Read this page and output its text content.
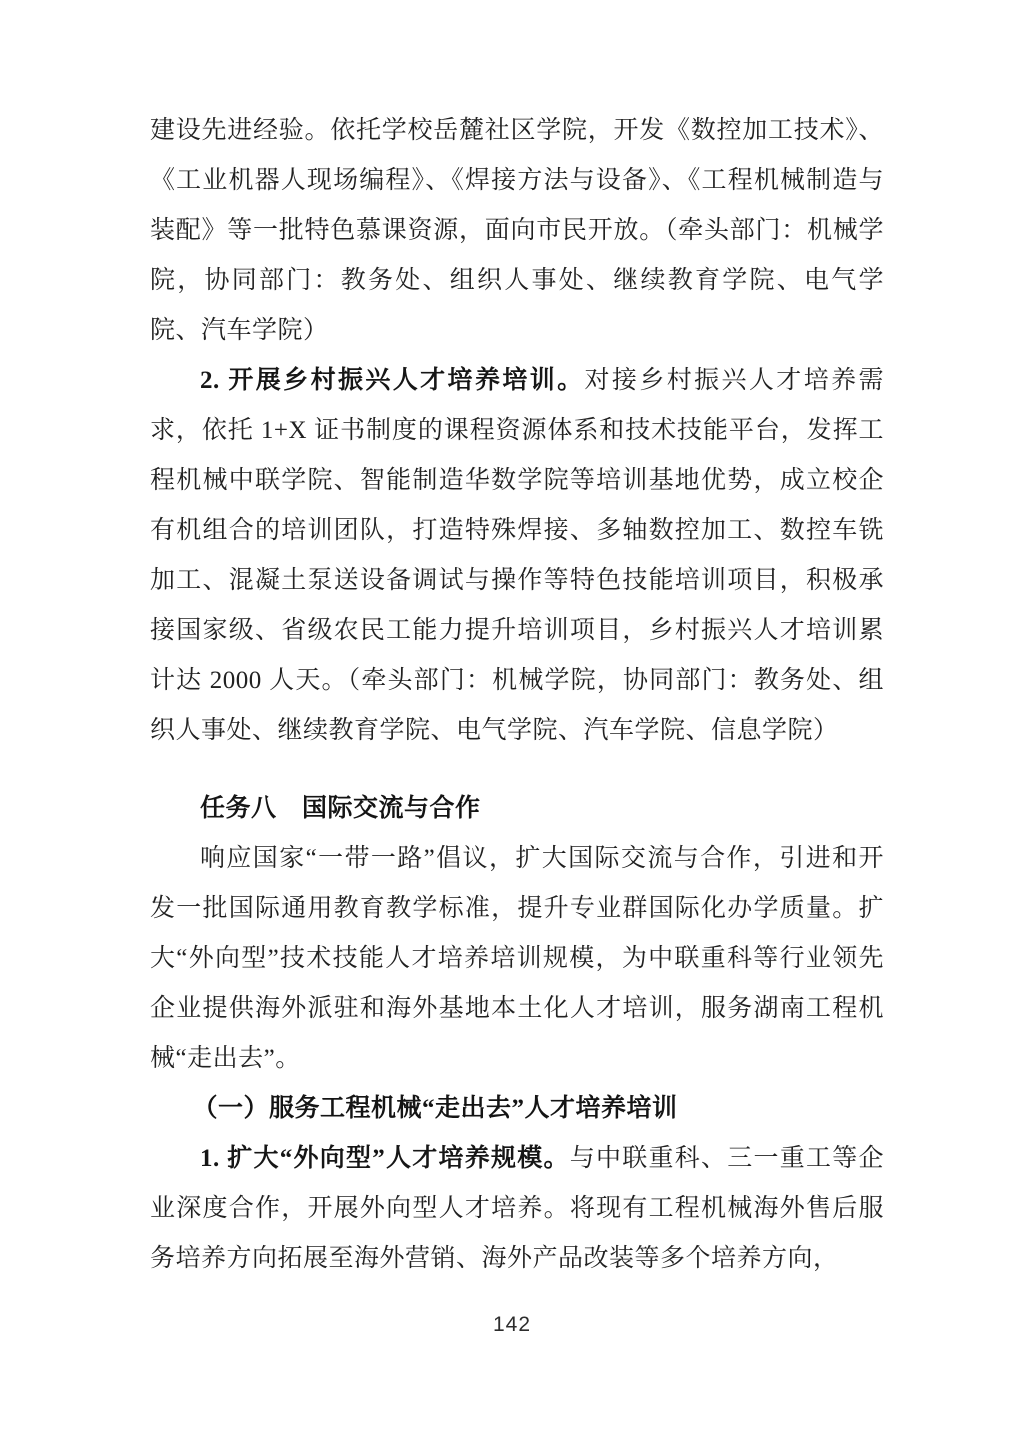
建设先进经验。依托学校岳麓社区学院，开发《数控加工技术》、《工业机器人现场编程》、《焊接方法与设备》、《工程机械制造与装配》等一批特色慕课资源，面向市民开放。（牵头部门：机械学院，协同部门：教务处、组织人事处、继续教育学院、电气学院、汽车学院）

2. 开展乡村振兴人才培养培训。对接乡村振兴人才培养需求，依托 1+X 证书制度的课程资源体系和技术技能平台，发挥工程机械中联学院、智能制造华数学院等培训基地优势，成立校企有机组合的培训团队，打造特殊焊接、多轴数控加工、数控车铣加工、混凝土泵送设备调试与操作等特色技能培训项目，积极承接国家级、省级农民工能力提升培训项目，乡村振兴人才培训累计达 2000 人天。（牵头部门：机械学院，协同部门：教务处、组织人事处、继续教育学院、电气学院、汽车学院、信息学院）

任务八　国际交流与合作

响应国家“一带一路”倡议，扩大国际交流与合作，引进和开发一批国际通用教育教学标准，提升专业群国际化办学质量。扩大“外向型”技术技能人才培养培训规模，为中联重科等行业领先企业提供海外派驻和海外基地本土化人才培训，服务湖南工程机械“走出去”。

（一）服务工程机械“走出去”人才培养培训

1. 扩大“外向型”人才培养规模。与中联重科、三一重工等企业深度合作，开展外向型人才培养。将现有工程机械海外售后服务培养方向拓展至海外营销、海外产品改装等多个培养方向，

142
